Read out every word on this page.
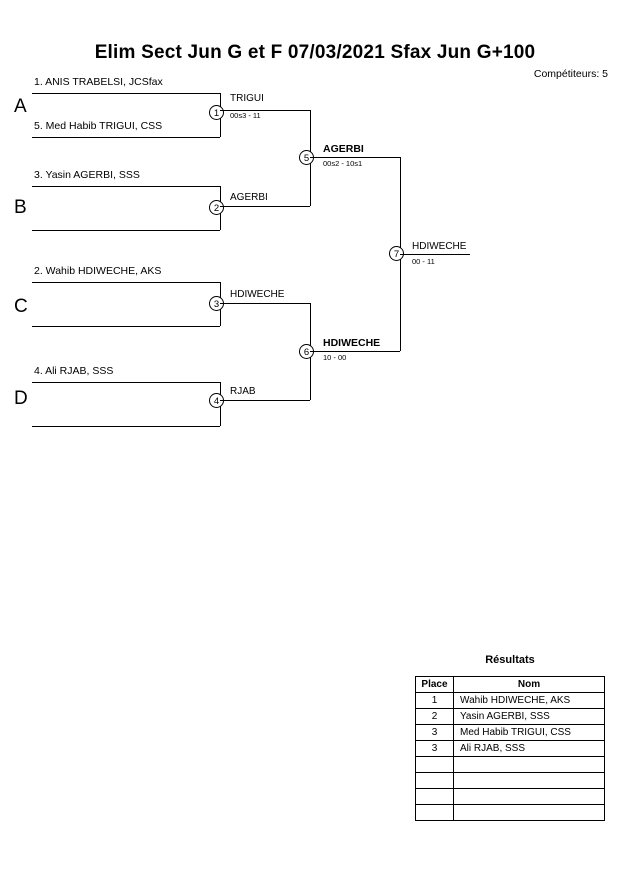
Elim Sect Jun G et F 07/03/2021 Sfax Jun G+100
Compétiteurs: 5
A
B
C
D
1. ANIS TRABELSI, JCSfax
5. Med Habib TRIGUI, CSS
1
TRIGUI
00s3 - 11
3. Yasin AGERBI, SSS
2
AGERBI
2. Wahib HDIWECHE, AKS
3
HDIWECHE
4. Ali RJAB, SSS
4
RJAB
5
AGERBI
00s2 - 10s1
6
HDIWECHE
10 - 00
7
HDIWECHE
00 - 11
Résultats
Place	Nom
1	Wahib HDIWECHE, AKS
2	Yasin AGERBI, SSS
3	Med Habib TRIGUI, CSS
3	Ali RJAB, SSS
